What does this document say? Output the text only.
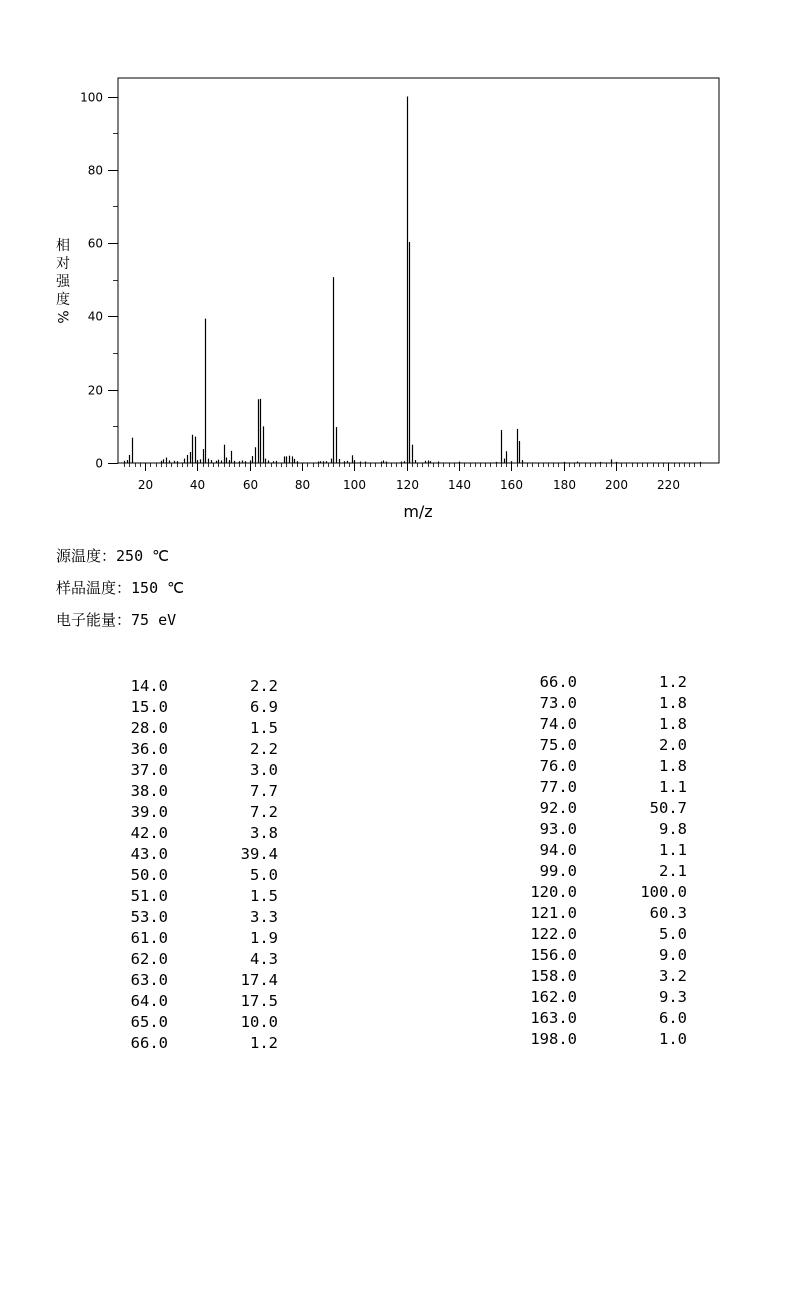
20	40	60	80	100	120 140 160	180 200 220
0
20
40
60
80
100
相
对
强
度
%
m/z
源温度：250 ℃
样品温度：150 ℃
电子能量：75 eV
14.0	2.2
15.0	6.9
28.0	1.5
36.0	2.2
37.0	3.0
38.0	7.7
39.0	7.2
42.0	3.8
43.0	39.4
50.0	5.0
51.0	1.5
53.0	3.3
61.0	1.9
62.0	4.3
63.0	17.4
64.0	17.5
65.0	10.0
66.0	1.2
66.0	1.2
73.0	1.8
74.0	1.8
75.0	2.0
76.0	1.8
77.0	1.1
92.0	50.7
93.0	9.8
94.0	1.1
99.0	2.1
120.0	100.0
121.0	60.3
122.0	5.0
156.0	9.0
158.0	3.2
162.0	9.3
163.0	6.0
198.0	1.0
